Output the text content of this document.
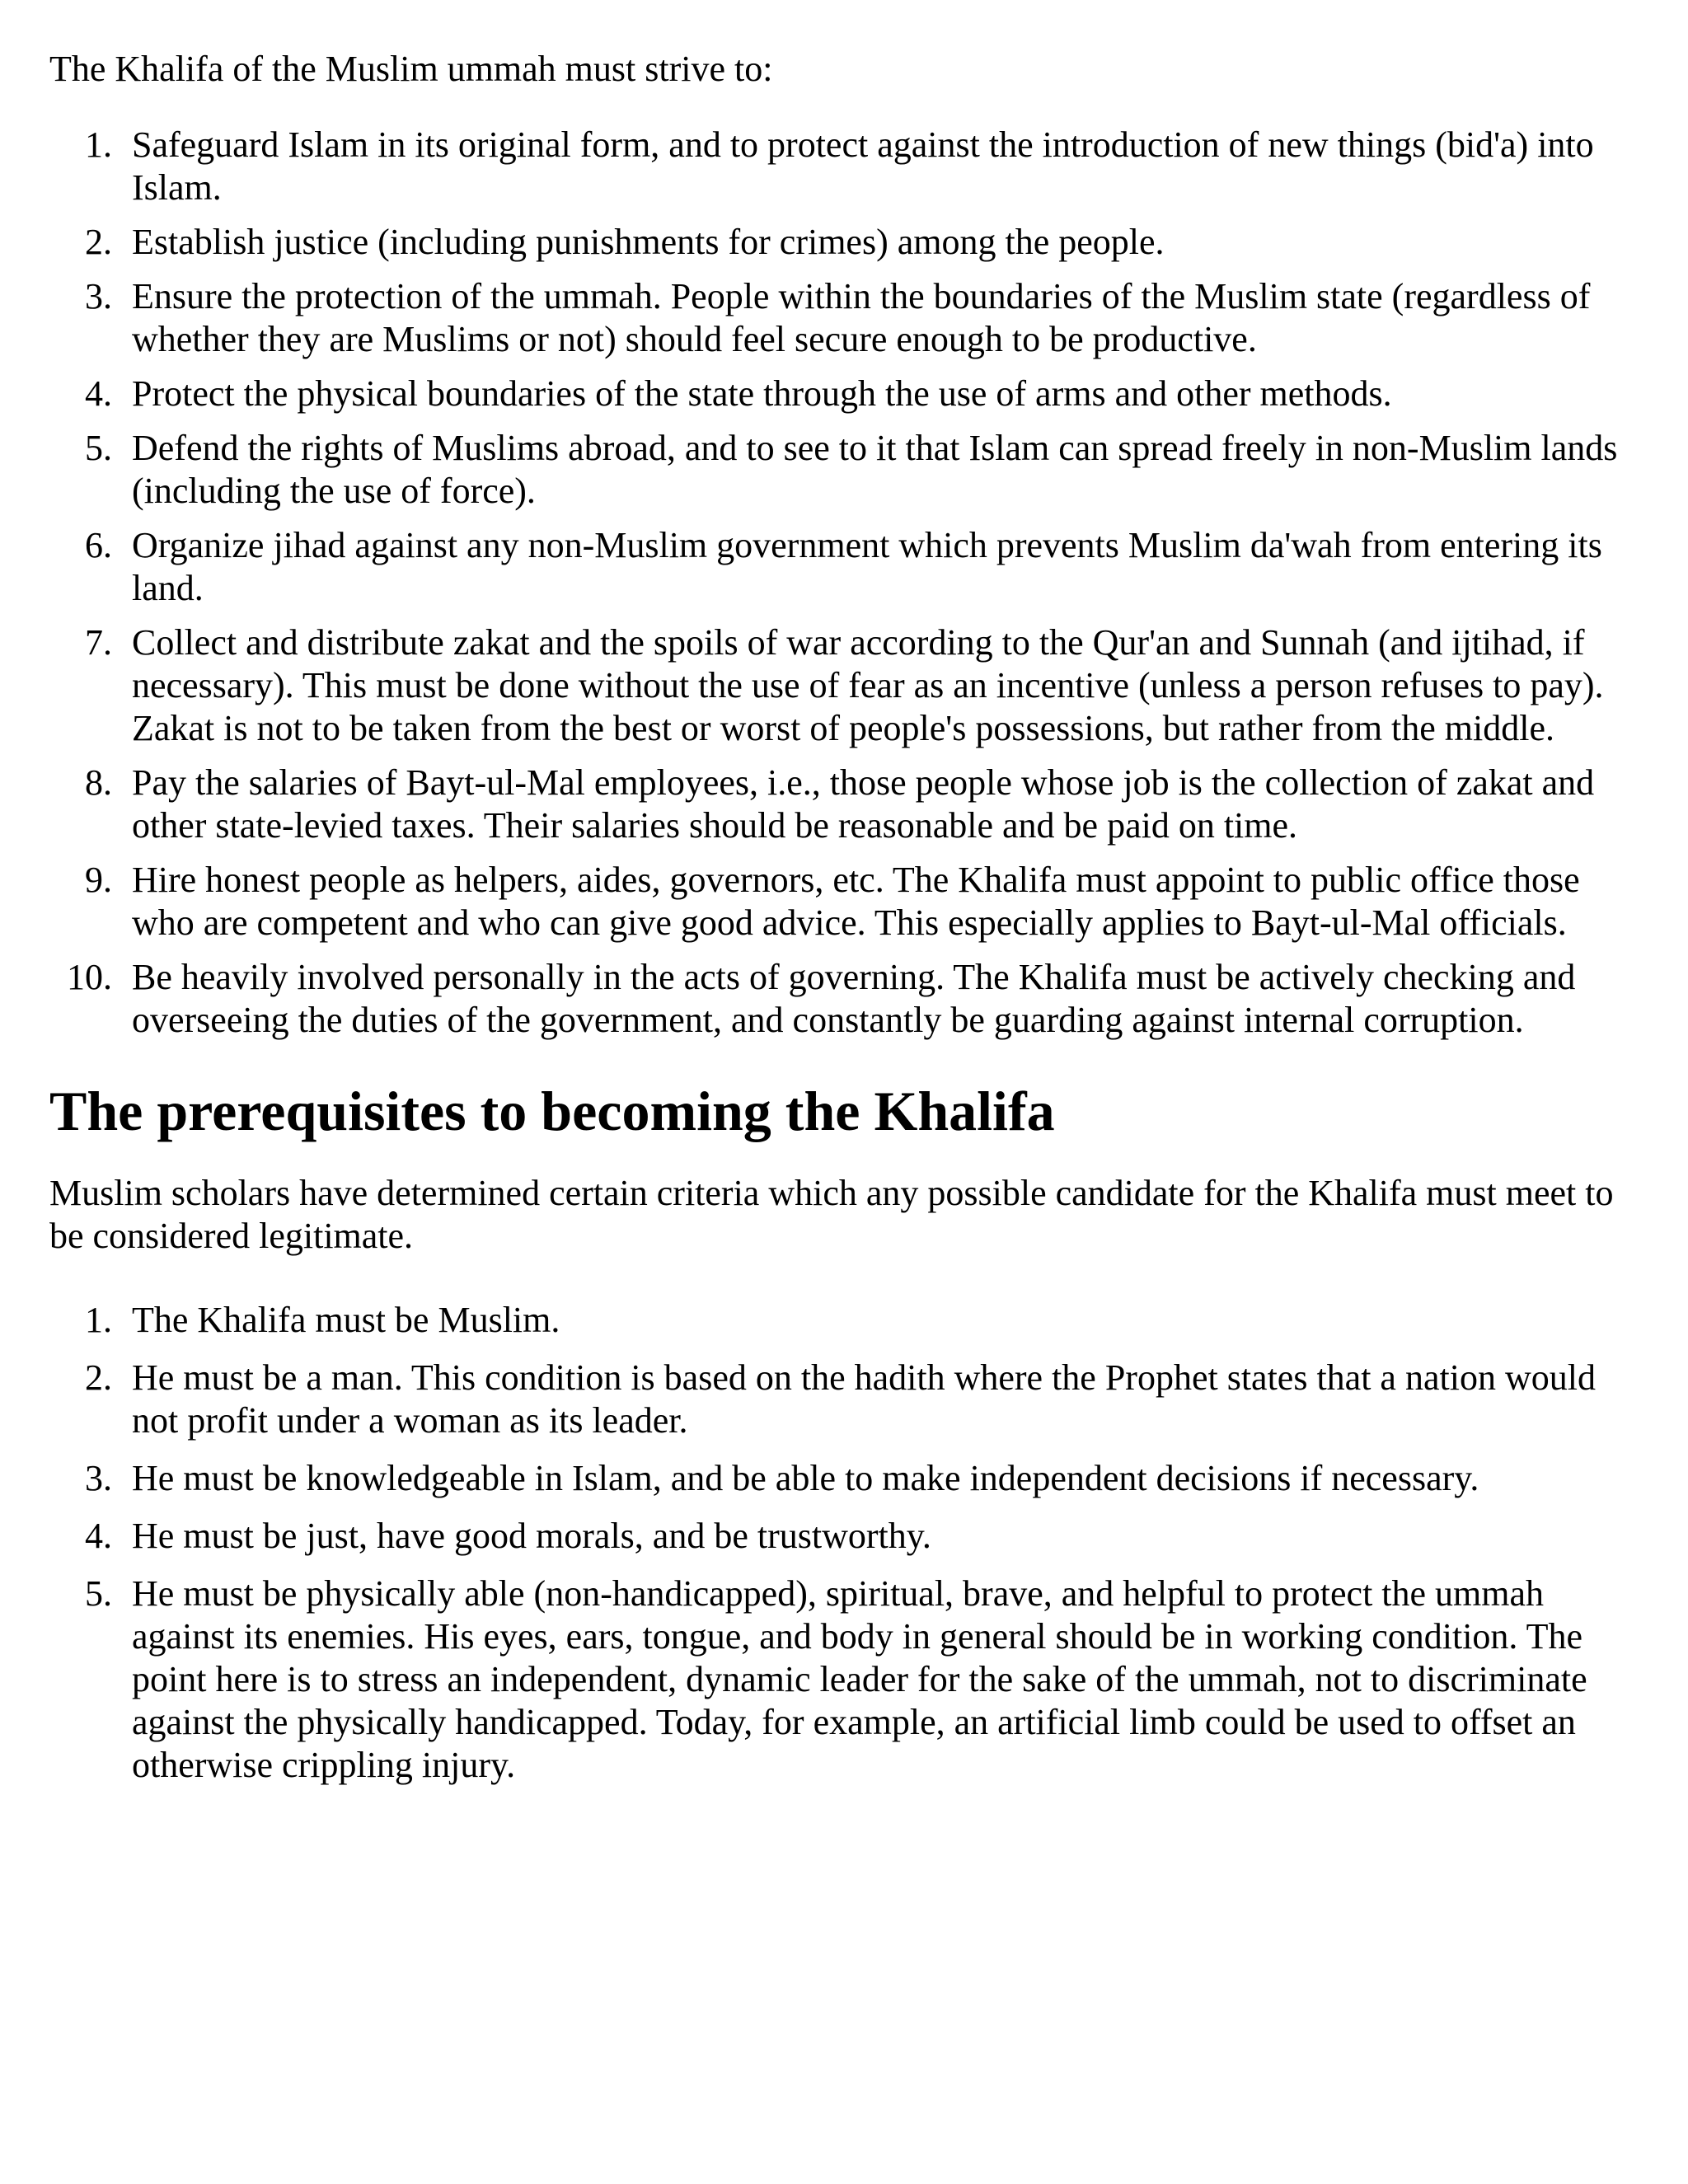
The Khalifa of the Muslim ummah must strive to:

1. Safeguard Islam in its original form, and to protect against the introduction of new things (bid'a) into Islam.
2. Establish justice (including punishments for crimes) among the people.
3. Ensure the protection of the ummah. People within the boundaries of the Muslim state (regardless of whether they are Muslims or not) should feel secure enough to be productive.
4. Protect the physical boundaries of the state through the use of arms and other methods.
5. Defend the rights of Muslims abroad, and to see to it that Islam can spread freely in non-Muslim lands (including the use of force).
6. Organize jihad against any non-Muslim government which prevents Muslim da'wah from entering its land.
7. Collect and distribute zakat and the spoils of war according to the Qur'an and Sunnah (and ijtihad, if necessary). This must be done without the use of fear as an incentive (unless a person refuses to pay). Zakat is not to be taken from the best or worst of people's possessions, but rather from the middle.
8. Pay the salaries of Bayt-ul-Mal employees, i.e., those people whose job is the collection of zakat and other state-levied taxes. Their salaries should be reasonable and be paid on time.
9. Hire honest people as helpers, aides, governors, etc. The Khalifa must appoint to public office those who are competent and who can give good advice. This especially applies to Bayt-ul-Mal officials.
10. Be heavily involved personally in the acts of governing. The Khalifa must be actively checking and overseeing the duties of the government, and constantly be guarding against internal corruption.
The prerequisites to becoming the Khalifa

Muslim scholars have determined certain criteria which any possible candidate for the Khalifa must meet to be considered legitimate.

1. The Khalifa must be Muslim.
2. He must be a man. This condition is based on the hadith where the Prophet states that a nation would not profit under a woman as its leader.
3. He must be knowledgeable in Islam, and be able to make independent decisions if necessary.
4. He must be just, have good morals, and be trustworthy.
5. He must be physically able (non-handicapped), spiritual, brave, and helpful to protect the ummah against its enemies. His eyes, ears, tongue, and body in general should be in working condition. The point here is to stress an independent, dynamic leader for the sake of the ummah, not to discriminate against the physically handicapped. Today, for example, an artificial limb could be used to offset an otherwise crippling injury.
